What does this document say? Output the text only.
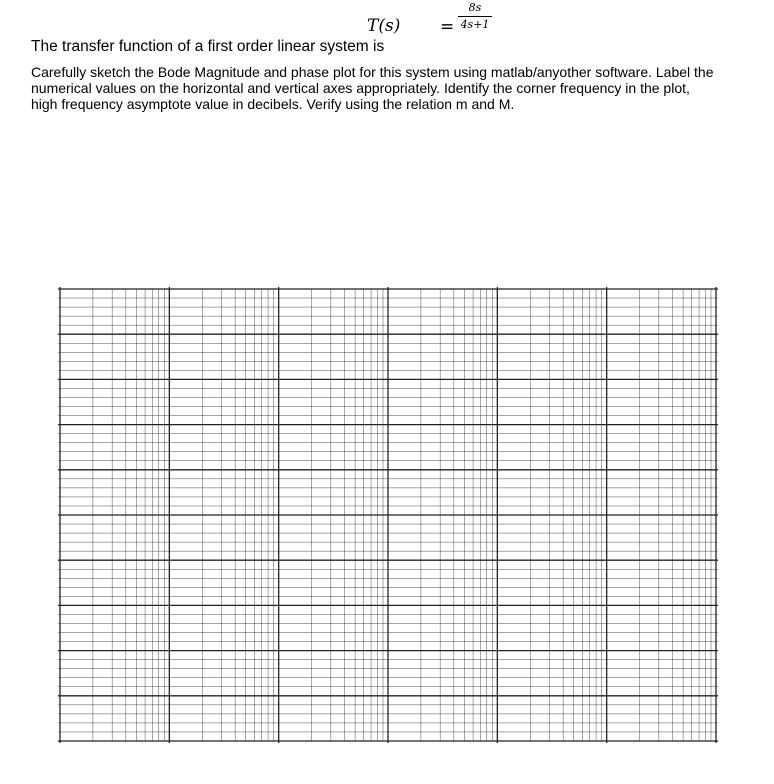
The transfer function of a first order linear system is
T(s) =
8s
4s+1

Carefully sketch the Bode Magnitude and phase plot for this system using matlab/anyother software. Label the
numerical values on the horizontal and vertical axes appropriately. Identify the corner frequency in the plot,
high frequency asymptote value in decibels. Verify using the relation m and M.
